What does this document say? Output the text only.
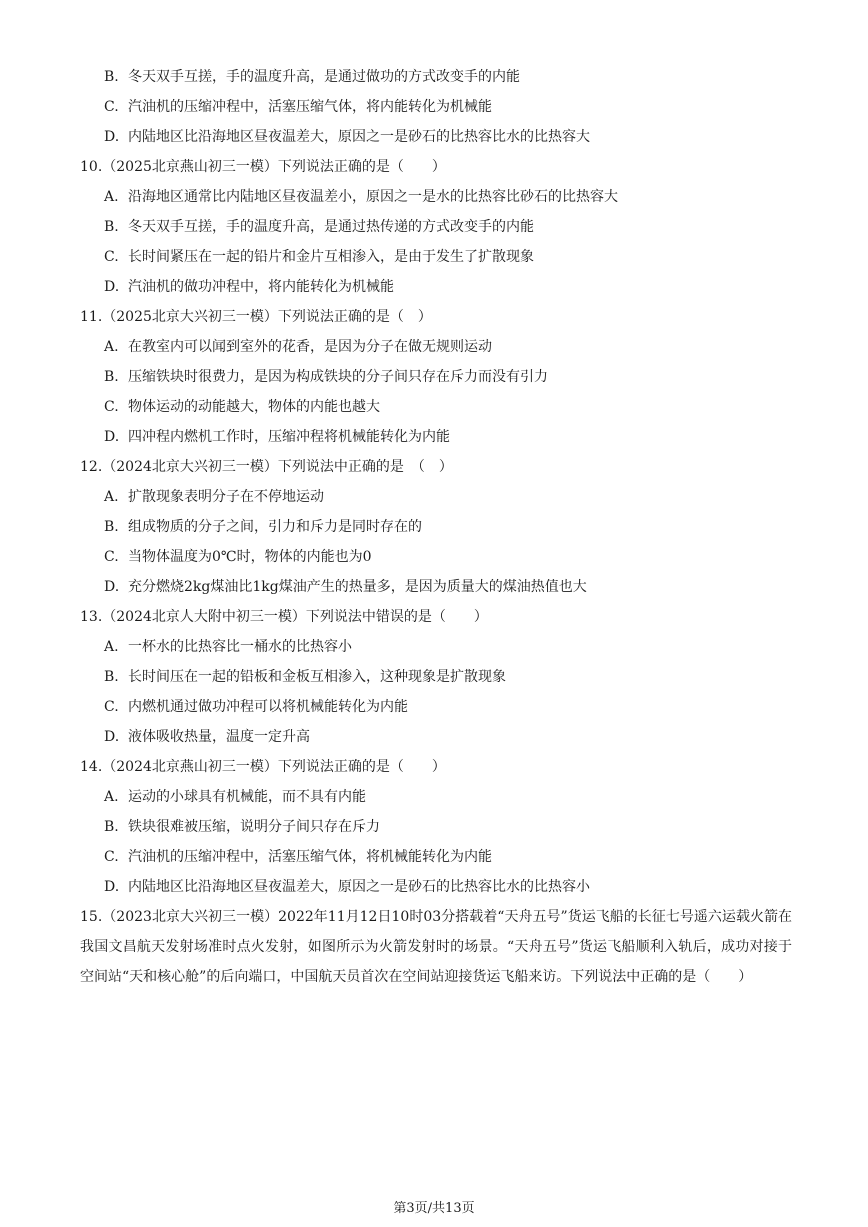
B. 冬天双手互搓，手的温度升高，是通过做功的方式改变手的内能
C. 汽油机的压缩冲程中，活塞压缩气体，将内能转化为机械能
D. 内陆地区比沿海地区昼夜温差大，原因之一是砂石的比热容比水的比热容大
10.（2025北京燕山初三一模）下列说法正确的是（　　）
A. 沿海地区通常比内陆地区昼夜温差小，原因之一是水的比热容比砂石的比热容大
B. 冬天双手互搓，手的温度升高，是通过热传递的方式改变手的内能
C. 长时间紧压在一起的铅片和金片互相渗入，是由于发生了扩散现象
D. 汽油机的做功冲程中，将内能转化为机械能
11.（2025北京大兴初三一模）下列说法正确的是（　）
A. 在教室内可以闻到室外的花香，是因为分子在做无规则运动
B. 压缩铁块时很费力，是因为构成铁块的分子间只存在斥力而没有引力
C. 物体运动的动能越大，物体的内能也越大
D. 四冲程内燃机工作时，压缩冲程将机械能转化为内能
12.（2024北京大兴初三一模）下列说法中正确的是　（　）
A. 扩散现象表明分子在不停地运动
B. 组成物质的分子之间，引力和斥力是同时存在的
C. 当物体温度为0℃时，物体的内能也为0
D. 充分燃烧2kg煤油比1kg煤油产生的热量多，是因为质量大的煤油热值也大
13.（2024北京人大附中初三一模）下列说法中错误的是（　　）
A. 一杯水的比热容比一桶水的比热容小
B. 长时间压在一起的铅板和金板互相渗入，这种现象是扩散现象
C. 内燃机通过做功冲程可以将机械能转化为内能
D. 液体吸收热量，温度一定升高
14.（2024北京燕山初三一模）下列说法正确的是（　　）
A. 运动的小球具有机械能，而不具有内能
B. 铁块很难被压缩，说明分子间只存在斥力
C. 汽油机的压缩冲程中，活塞压缩气体，将机械能转化为内能
D. 内陆地区比沿海地区昼夜温差大，原因之一是砂石的比热容比水的比热容小
15.（2023北京大兴初三一模）2022年11月12日10时03分搭载着“天舟五号”货运飞船的长征七号遥六运载火箭在我国文昌航天发射场准时点火发射，如图所示为火箭发射时的场景。“天舟五号”货运飞船顺利入轨后，成功对接于空间站“天和核心舱”的后向端口，中国航天员首次在空间站迎接货运飞船来访。下列说法中正确的是（　　）
第3页/共13页
